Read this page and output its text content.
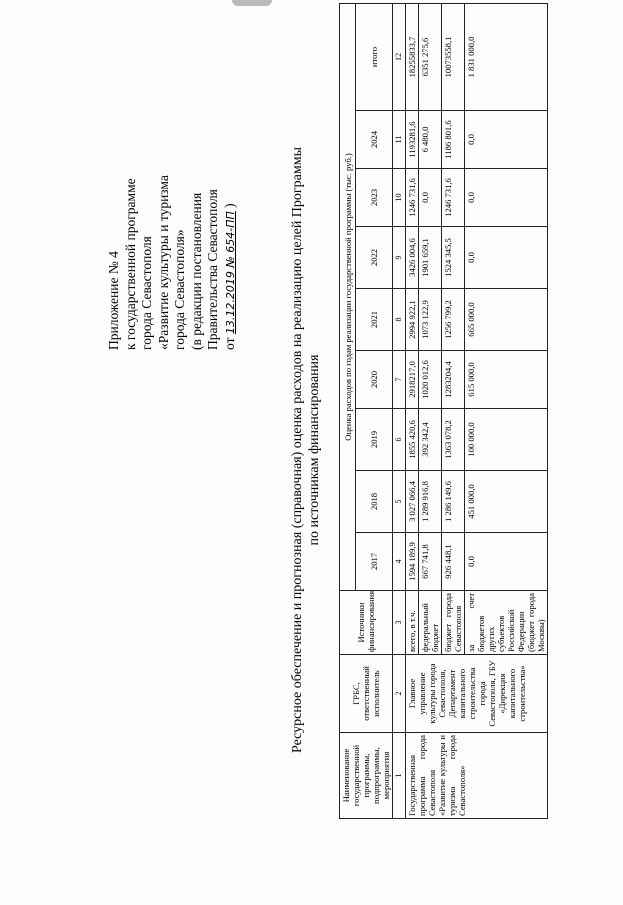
Приложение № 4 к государственной программе города Севастополя «Развитие культуры и туризма города Севастополя» (в редакции постановления Правительства Севастополя от 13.12.2019 № 654-ПП )	Ресурсное обеспечение и прогнозная (справочная) оценка расходов на реализацию целей Программы по источникам финансирования
Наименование государственной программы, подпрограммы, мероприятия	ГРБС, ответственный исполнитель	Источники финансирования	Оценка расходов по годам реализации государственной программы (тыс. руб.)								
			2017	2018	2019	2020	2021	2022	2023	2024	итого
1	2	3	4	5	6	7	8	9	10	11	12
Государственная программа города Севастополя «Развитие культуры и туризма города Севастополя»	Главное управление культуры города Севастополя, Департамент капитального строительства города Севастополя, ГБУ «Дирекция капитального строительства»	всего, в т.ч.	1594 189,9	3 027 066,4	1855 420,6	2918217,0	2994 922,1	3426 004,6	1246 731,6	1193281,6	18255833,7
		федеральный бюджет	667 741,8	1 289 916,8	392 342,4	1020 012,6	1073 122,9	1901 659,1	0,0	6 480,0	6351 275,6
		бюджет города Севастополя	926 448,1	1 286 149,6	1363 078,2	1283204,4	1256 799,2	1524 345,5	1246 731,6	1186 801,6	10073558,1
		за счет бюджетов других субъектов Российской Федерации (бюджет города Москвы)	0,0	451 000,0	100 000,0	615 000,0	665 000,0	0,0	0,0	0,0	1 831 000,0
